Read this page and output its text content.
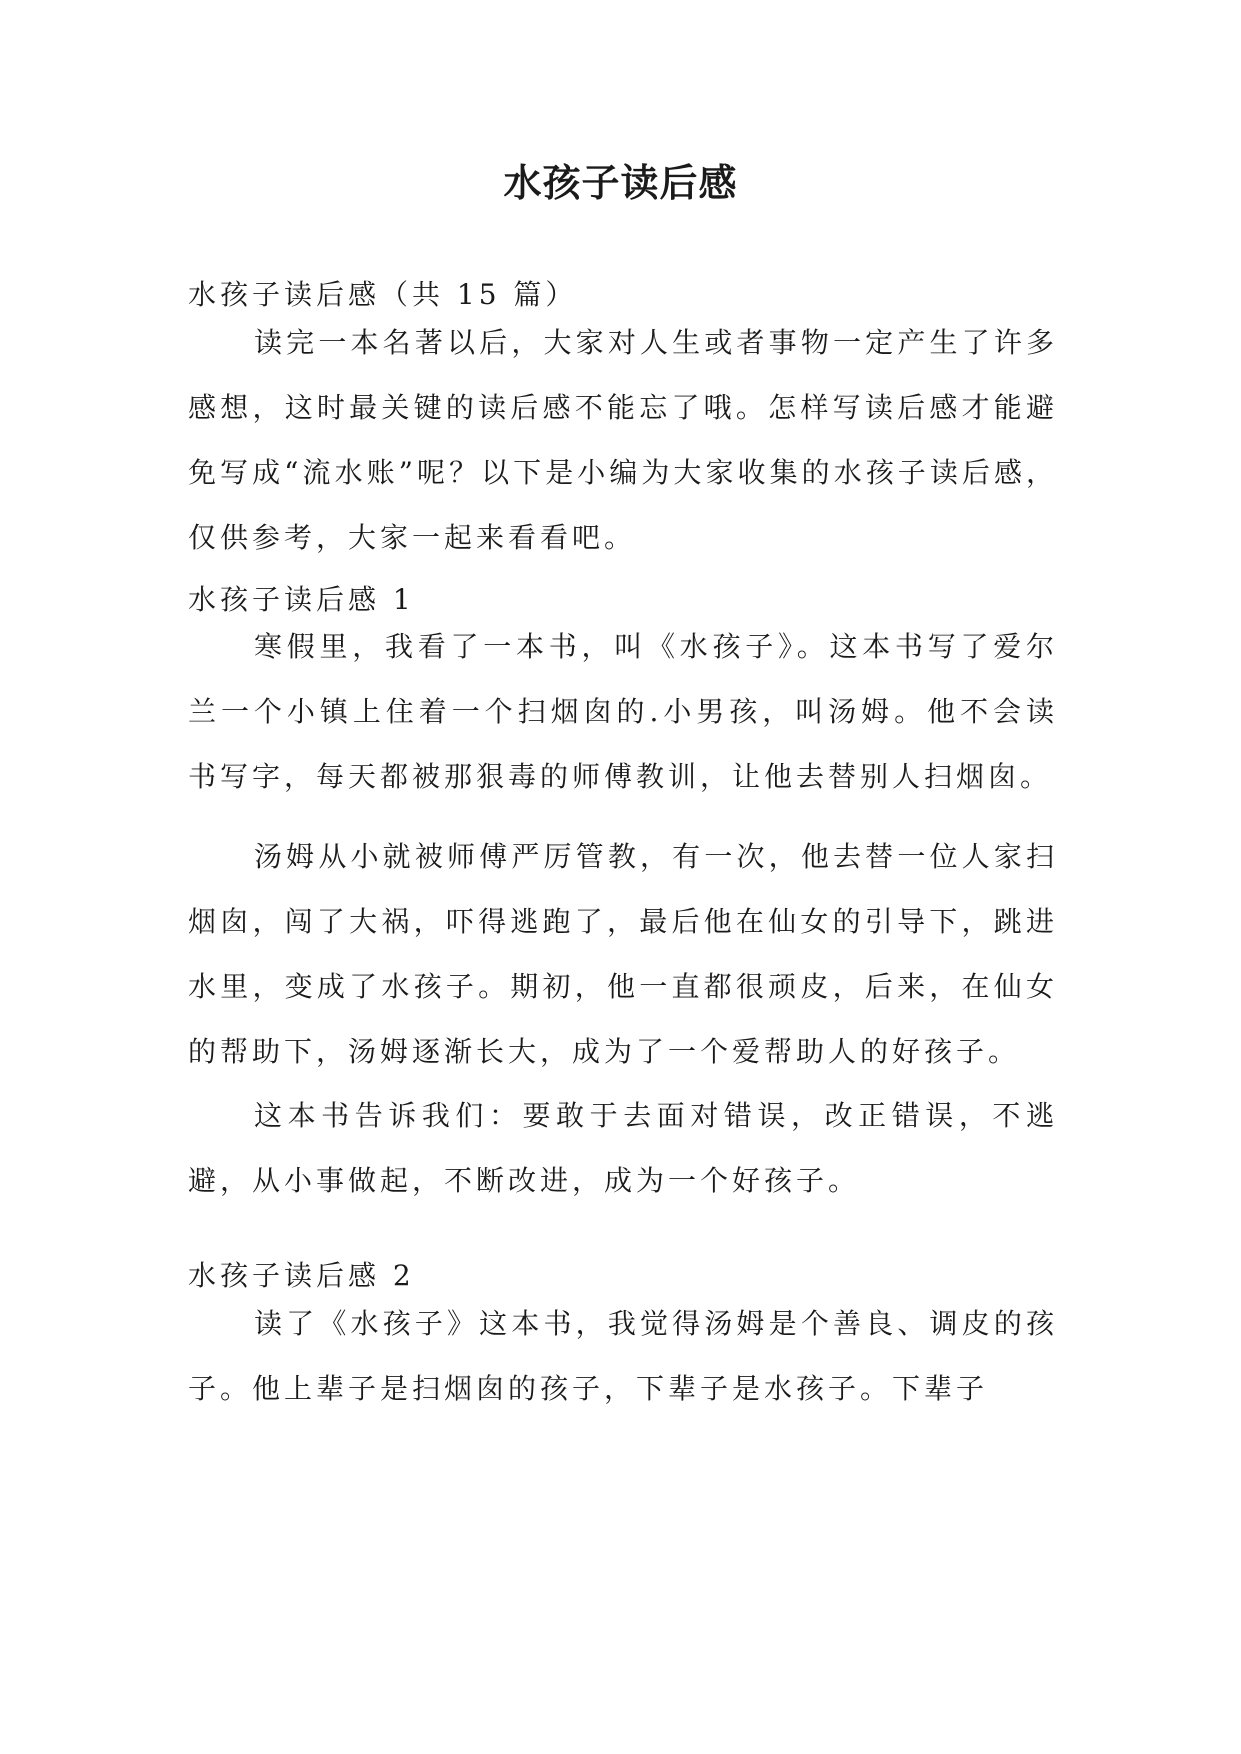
水孩子读后感
水孩子读后感（共 15 篇）
读完一本名著以后，大家对人生或者事物一定产生了许多感想，这时最关键的读后感不能忘了哦。怎样写读后感才能避免写成“流水账”呢？以下是小编为大家收集的水孩子读后感，仅供参考，大家一起来看看吧。
水孩子读后感 1
寒假里，我看了一本书，叫《水孩子》。这本书写了爱尔兰一个小镇上住着一个扫烟囱的.小男孩，叫汤姆。他不会读书写字，每天都被那狠毒的师傅教训，让他去替别人扫烟囱。
汤姆从小就被师傅严厉管教，有一次，他去替一位人家扫烟囱，闯了大祸，吓得逃跑了，最后他在仙女的引导下，跳进水里，变成了水孩子。期初，他一直都很顽皮，后来，在仙女的帮助下，汤姆逐渐长大，成为了一个爱帮助人的好孩子。
这本书告诉我们：要敢于去面对错误，改正错误，不逃避，从小事做起，不断改进，成为一个好孩子。
水孩子读后感 2
读了《水孩子》这本书，我觉得汤姆是个善良、调皮的孩子。他上辈子是扫烟囱的孩子，下辈子是水孩子。下辈子
